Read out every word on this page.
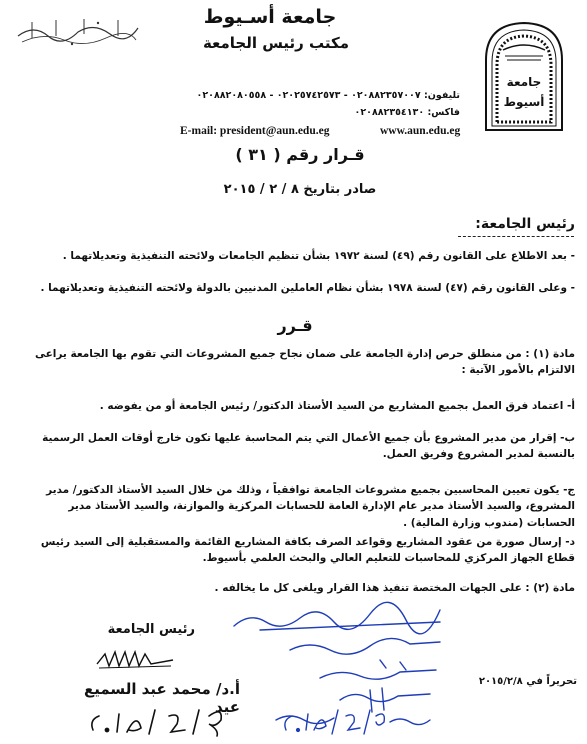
جامعة أسـيوط
مكتب رئيس الجامعة
تليفون: ٠٢٠٨٨٢٣٥٧٠٠٧ - ٠٢٠٢٥٧٤٢٥٧٣ - ٠٢٠٨٨٢٠٨٠٥٥٨
فاكس: ٠٢٠٨٨٢٣٥٤١٣٠
E-mail: president@aun.edu.eg	www.aun.edu.eg
جامعة
أسيوط
قـرار رقم ( ٣١ )
صادر بتاريخ ٨ / ٢ / ٢٠١٥
رئيس الجامعة:
- بعد الاطلاع على القانون رقم (٤٩) لسنة ١٩٧٢ بشأن تنظيم الجامعات ولائحته التنفيذية وتعديلاتهما .
- وعلى القانون رقم (٤٧) لسنة ١٩٧٨ بشأن نظام العاملين المدنيين بالدولة ولائحته التنفيذية وتعديلاتهما .
قـرر
مادة (١) : من منطلق حرص إدارة الجامعة على ضمان نجاح جميع المشروعات التي تقوم بها الجامعة يراعى الالتزام بالأمور الآتية :
أ- اعتماد فرق العمل بجميع المشاريع من السيد الأستاذ الدكتور/ رئيس الجامعة أو من يفوضه .
ب- إقرار من مدير المشروع بأن جميع الأعمال التي يتم المحاسبة عليها تكون خارج أوقات العمل الرسمية بالنسبة لمدير المشروع وفريق العمل.
ج- يكون تعيين المحاسبين بجميع مشروعات الجامعة توافقياً ، وذلك من خلال السيد الأستاذ الدكتور/ مدير المشروع، والسيد الأستاذ مدير عام الإدارة العامة للحسابات المركزية والموازنة، والسيد الأستاذ مدير الحسابات (مندوب وزارة المالية) .
د- إرسال صورة من عقود المشاريع وقواعد الصرف بكافة المشاريع القائمة والمستقبلية إلى السيد رئيس قطاع الجهاز المركزي للمحاسبات للتعليم العالي والبحث العلمي بأسيوط.
مادة (٢) : على الجهات المختصة تنفيذ هذا القرار ويلغى كل ما يخالفه .
رئيس الجامعة
أ.د/ محمد عبد السميع عيد
تحريراً في ٢٠١٥/٢/٨
